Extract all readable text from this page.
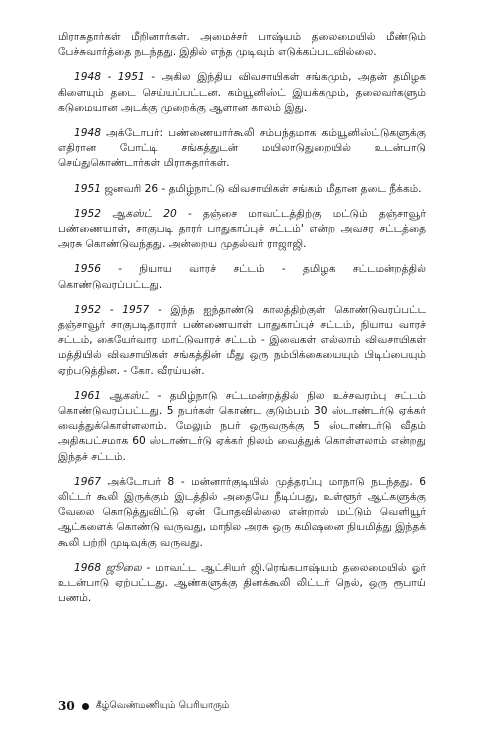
மிராசுதார்கள் மீறினார்கள். அமைச்சர் பாஷ்யம் தலைமையில் மீண்டும் பேச்சுவார்த்தை நடந்தது. இதில் எந்த முடிவும் எடுக்கப்படவில்லை.

1948 - 1951 - அகில இந்திய விவசாயிகள் சங்கமும், அதன் தமிழக கிளையும் தடை செய்யப்பட்டன. கம்யூனிஸ்ட் இயக்கமும், தலைவர்களும் கடுமையான அடக்கு முறைக்கு ஆளான காலம் இது.

1948 அக்டோபர்: பண்ணையார்கூலி சம்பந்தமாக கம்யூனிஸ்ட்டுகளுக்கு எதிரான போட்டி சங்கத்துடன் மயிலாடுதுறையில் உடன்பாடு செய்துகொண்டார்கள் மிராசுதார்கள்.

1951 ஜனவரி 26 - தமிழ்நாட்டு விவசாயிகள் சங்கம் மீதான தடை நீக்கம்.

1952 ஆகஸ்ட் 20 - தஞ்சை மாவட்டத்திற்கு மட்டும் தஞ்சாவூர் பண்ணையாள், சாகுபடி தாரர் பாதுகாப்புச் சட்டம்' என்ற அவசர சட்டத்தை அரசு கொண்டுவந்தது. அன்றைய முதல்வர் ராஜாஜி.

1956 - நியாய வாரச் சட்டம் - தமிழக சட்டமன்றத்தில் கொண்டுவரப்பட்டது.

1952 - 1957 - இந்த ஐந்தாண்டு காலத்திற்குள் கொண்டுவரப்பட்ட தஞ்சாவூர் சாகுபடிதாரார் பண்ணையாள் பாதுகாப்புச் சட்டம், நியாய வாரச் சட்டம், கையேர்வார மாட்டுவாரச் சட்டம் - இவைகள் எல்லாம் விவசாயிகள் மத்தியில் விவசாயிகள் சங்கத்தின் மீது ஒரு நம்பிக்கையையும் பிடிப்பையும் ஏற்படுத்தின. - கோ. வீரய்யன்.

1961 ஆகஸ்ட் - தமிழ்நாடு சட்டமன்றத்தில் நில உச்சவரம்பு சட்டம் கொண்டுவரப்பட்டது. 5 நபர்கள் கொண்ட குடும்பம் 30 ஸ்டாண்டர்டு ஏக்கர் வைத்துக்கொள்ளலாம். மேலும் நபர் ஒருவருக்கு 5 ஸ்டாண்டர்டு வீதம் அதிகபட்சமாக 60 ஸ்டாண்டர்டு ஏக்கர் நிலம் வைத்துக் கொள்ளலாம் என்றது இந்தச் சட்டம்.

1967 அக்டோபர் 8 - மன்னார்குடியில் முத்தரப்பு மாநாடு நடந்தது. 6 லிட்டர் கூலி இருக்கும் இடத்தில் அதையே நீடிப்பது, உள்ளூர் ஆட்களுக்கு வேலை கொடுத்துவிட்டு ஏன் போதவில்லை என்றால் மட்டும் வெளியூர் ஆட்களைக் கொண்டு வருவது, மாநில அரசு ஒரு கமிஷனை நியமித்து இந்தக் கூலி பற்றி முடிவுக்கு வருவது.

1968 ஜூலை - மாவட்ட ஆட்சியர் ஜி.ரெங்கபாஷ்யம் தலைமையில் ஓர் உடன்பாடு ஏற்பட்டது. ஆண்களுக்கு தினக்கூலி லிட்டர் நெல், ஒரு ரூபாய் பணம்.

30 கீழ்வெண்மணியும் பெரியாரும்
